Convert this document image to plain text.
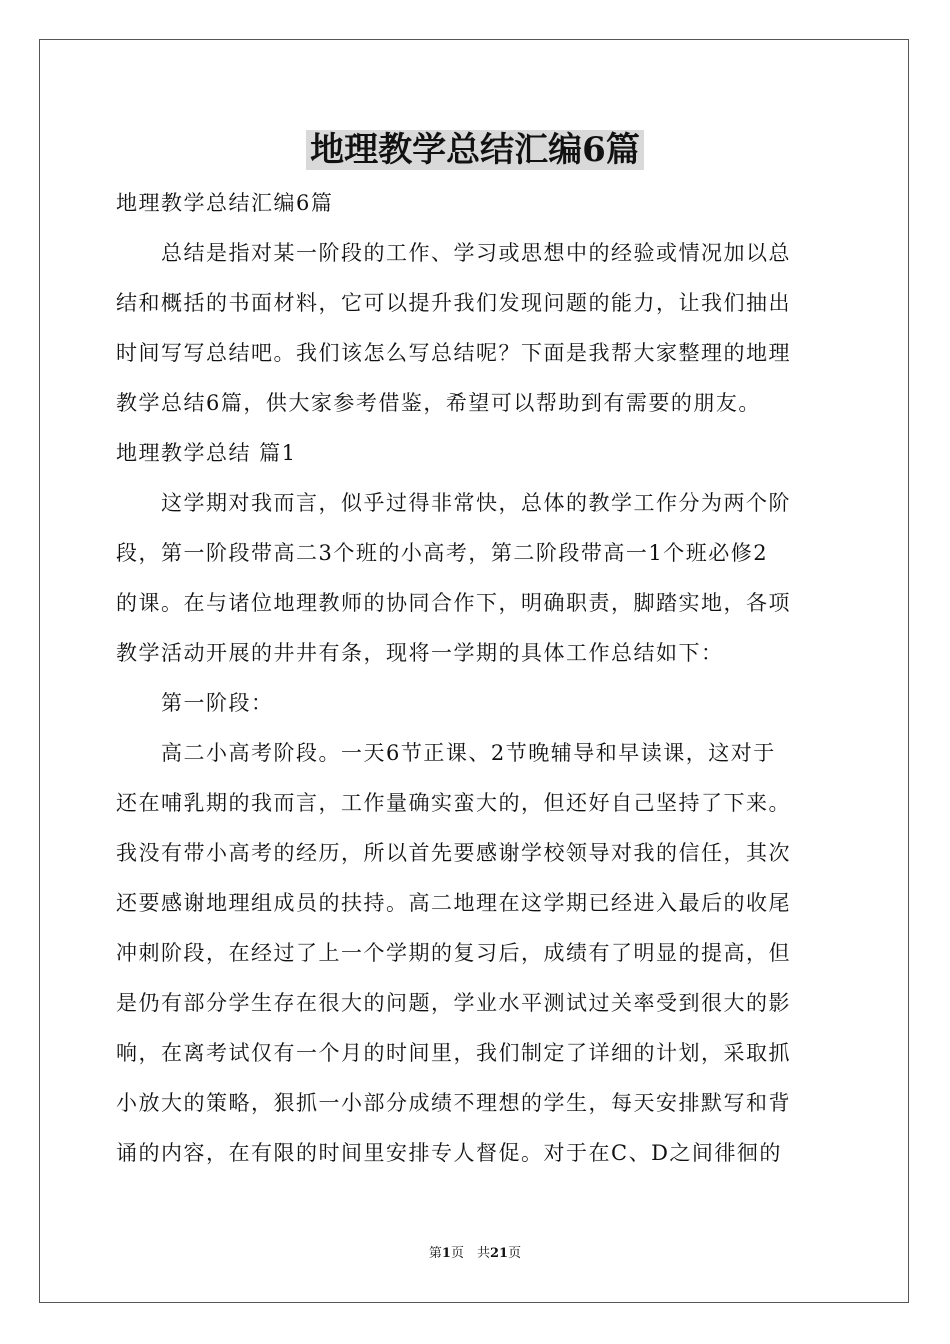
地理教学总结汇编6篇
地理教学总结汇编6篇
　　总结是指对某一阶段的工作、学习或思想中的经验或情况加以总
结和概括的书面材料，它可以提升我们发现问题的能力，让我们抽出
时间写写总结吧。我们该怎么写总结呢？下面是我帮大家整理的地理
教学总结6篇，供大家参考借鉴，希望可以帮助到有需要的朋友。
地理教学总结 篇1
　　这学期对我而言，似乎过得非常快，总体的教学工作分为两个阶
段，第一阶段带高二3个班的小高考，第二阶段带高一1个班必修2
的课。在与诸位地理教师的协同合作下，明确职责，脚踏实地，各项
教学活动开展的井井有条，现将一学期的具体工作总结如下：
　　第一阶段：
　　高二小高考阶段。一天6节正课、2节晚辅导和早读课，这对于
还在哺乳期的我而言，工作量确实蛮大的，但还好自己坚持了下来。
我没有带小高考的经历，所以首先要感谢学校领导对我的信任，其次
还要感谢地理组成员的扶持。高二地理在这学期已经进入最后的收尾
冲刺阶段，在经过了上一个学期的复习后，成绩有了明显的提高，但
是仍有部分学生存在很大的问题，学业水平测试过关率受到很大的影
响，在离考试仅有一个月的时间里，我们制定了详细的计划，采取抓
小放大的策略，狠抓一小部分成绩不理想的学生，每天安排默写和背
诵的内容，在有限的时间里安排专人督促。对于在C、D之间徘徊的
第1页　共21页
